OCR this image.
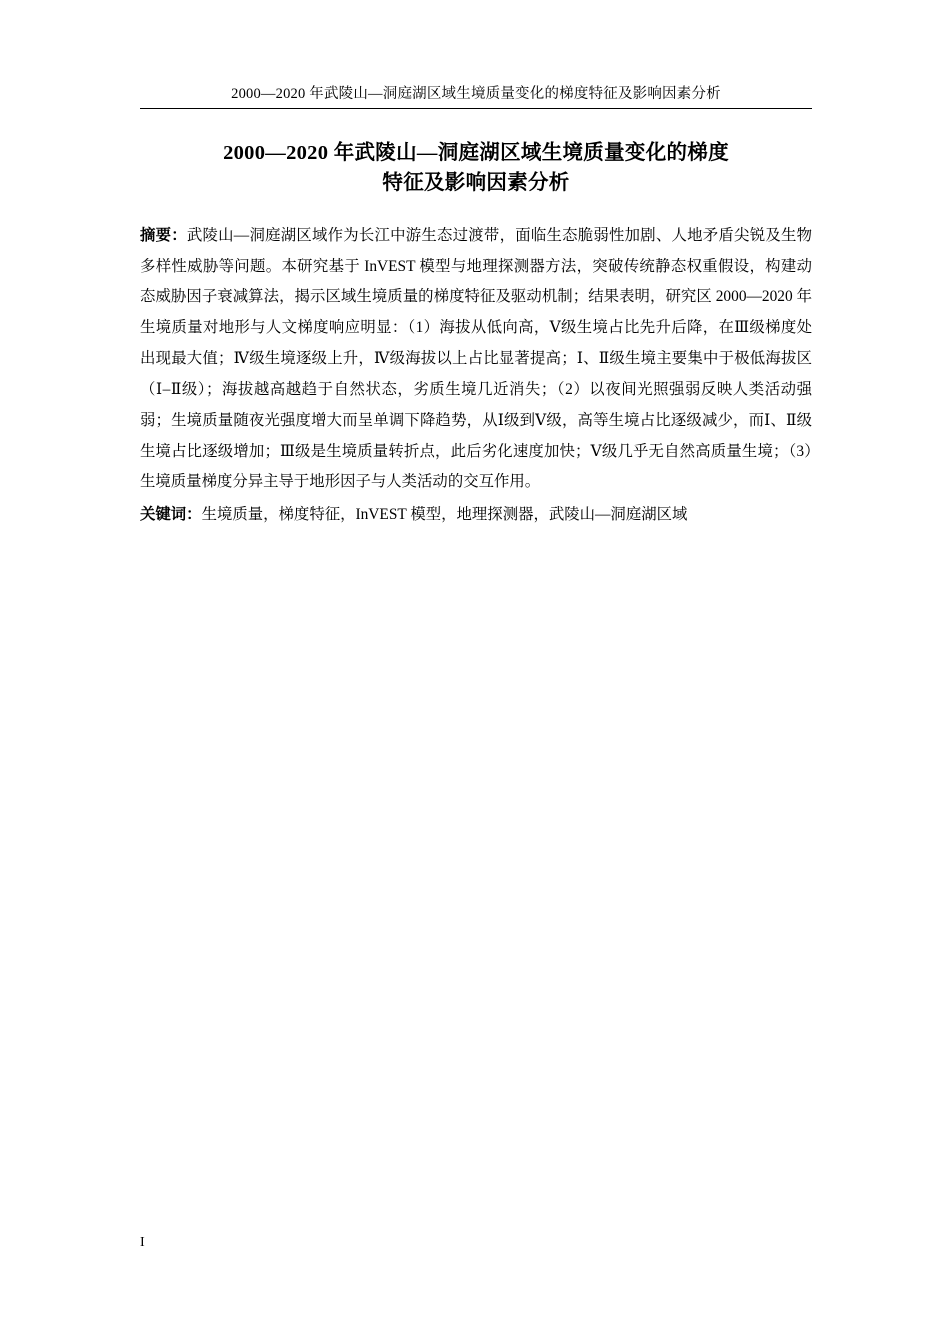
2000—2020 年武陵山—洞庭湖区域生境质量变化的梯度特征及影响因素分析
2000—2020 年武陵山—洞庭湖区域生境质量变化的梯度
特征及影响因素分析
摘要：武陵山—洞庭湖区域作为长江中游生态过渡带，面临生态脆弱性加剧、人地矛盾尖锐及生物多样性威胁等问题。本研究基于 InVEST 模型与地理探测器方法，突破传统静态权重假设，构建动态威胁因子衰减算法，揭示区域生境质量的梯度特征及驱动机制；结果表明，研究区 2000—2020 年生境质量对地形与人文梯度响应明显：（1）海拔从低向高，Ⅴ级生境占比先升后降，在Ⅲ级梯度处出现最大值；Ⅳ级生境逐级上升，Ⅳ级海拔以上占比显著提高；Ⅰ、Ⅱ级生境主要集中于极低海拔区（Ⅰ–Ⅱ级）；海拔越高越趋于自然状态，劣质生境几近消失；（2）以夜间光照强弱反映人类活动强弱；生境质量随夜光强度增大而呈单调下降趋势，从Ⅰ级到Ⅴ级，高等生境占比逐级减少，而Ⅰ、Ⅱ级生境占比逐级增加；Ⅲ级是生境质量转折点，此后劣化速度加快；Ⅴ级几乎无自然高质量生境；（3）生境质量梯度分异主导于地形因子与人类活动的交互作用。
关键词：生境质量，梯度特征，InVEST 模型，地理探测器，武陵山—洞庭湖区域
I
